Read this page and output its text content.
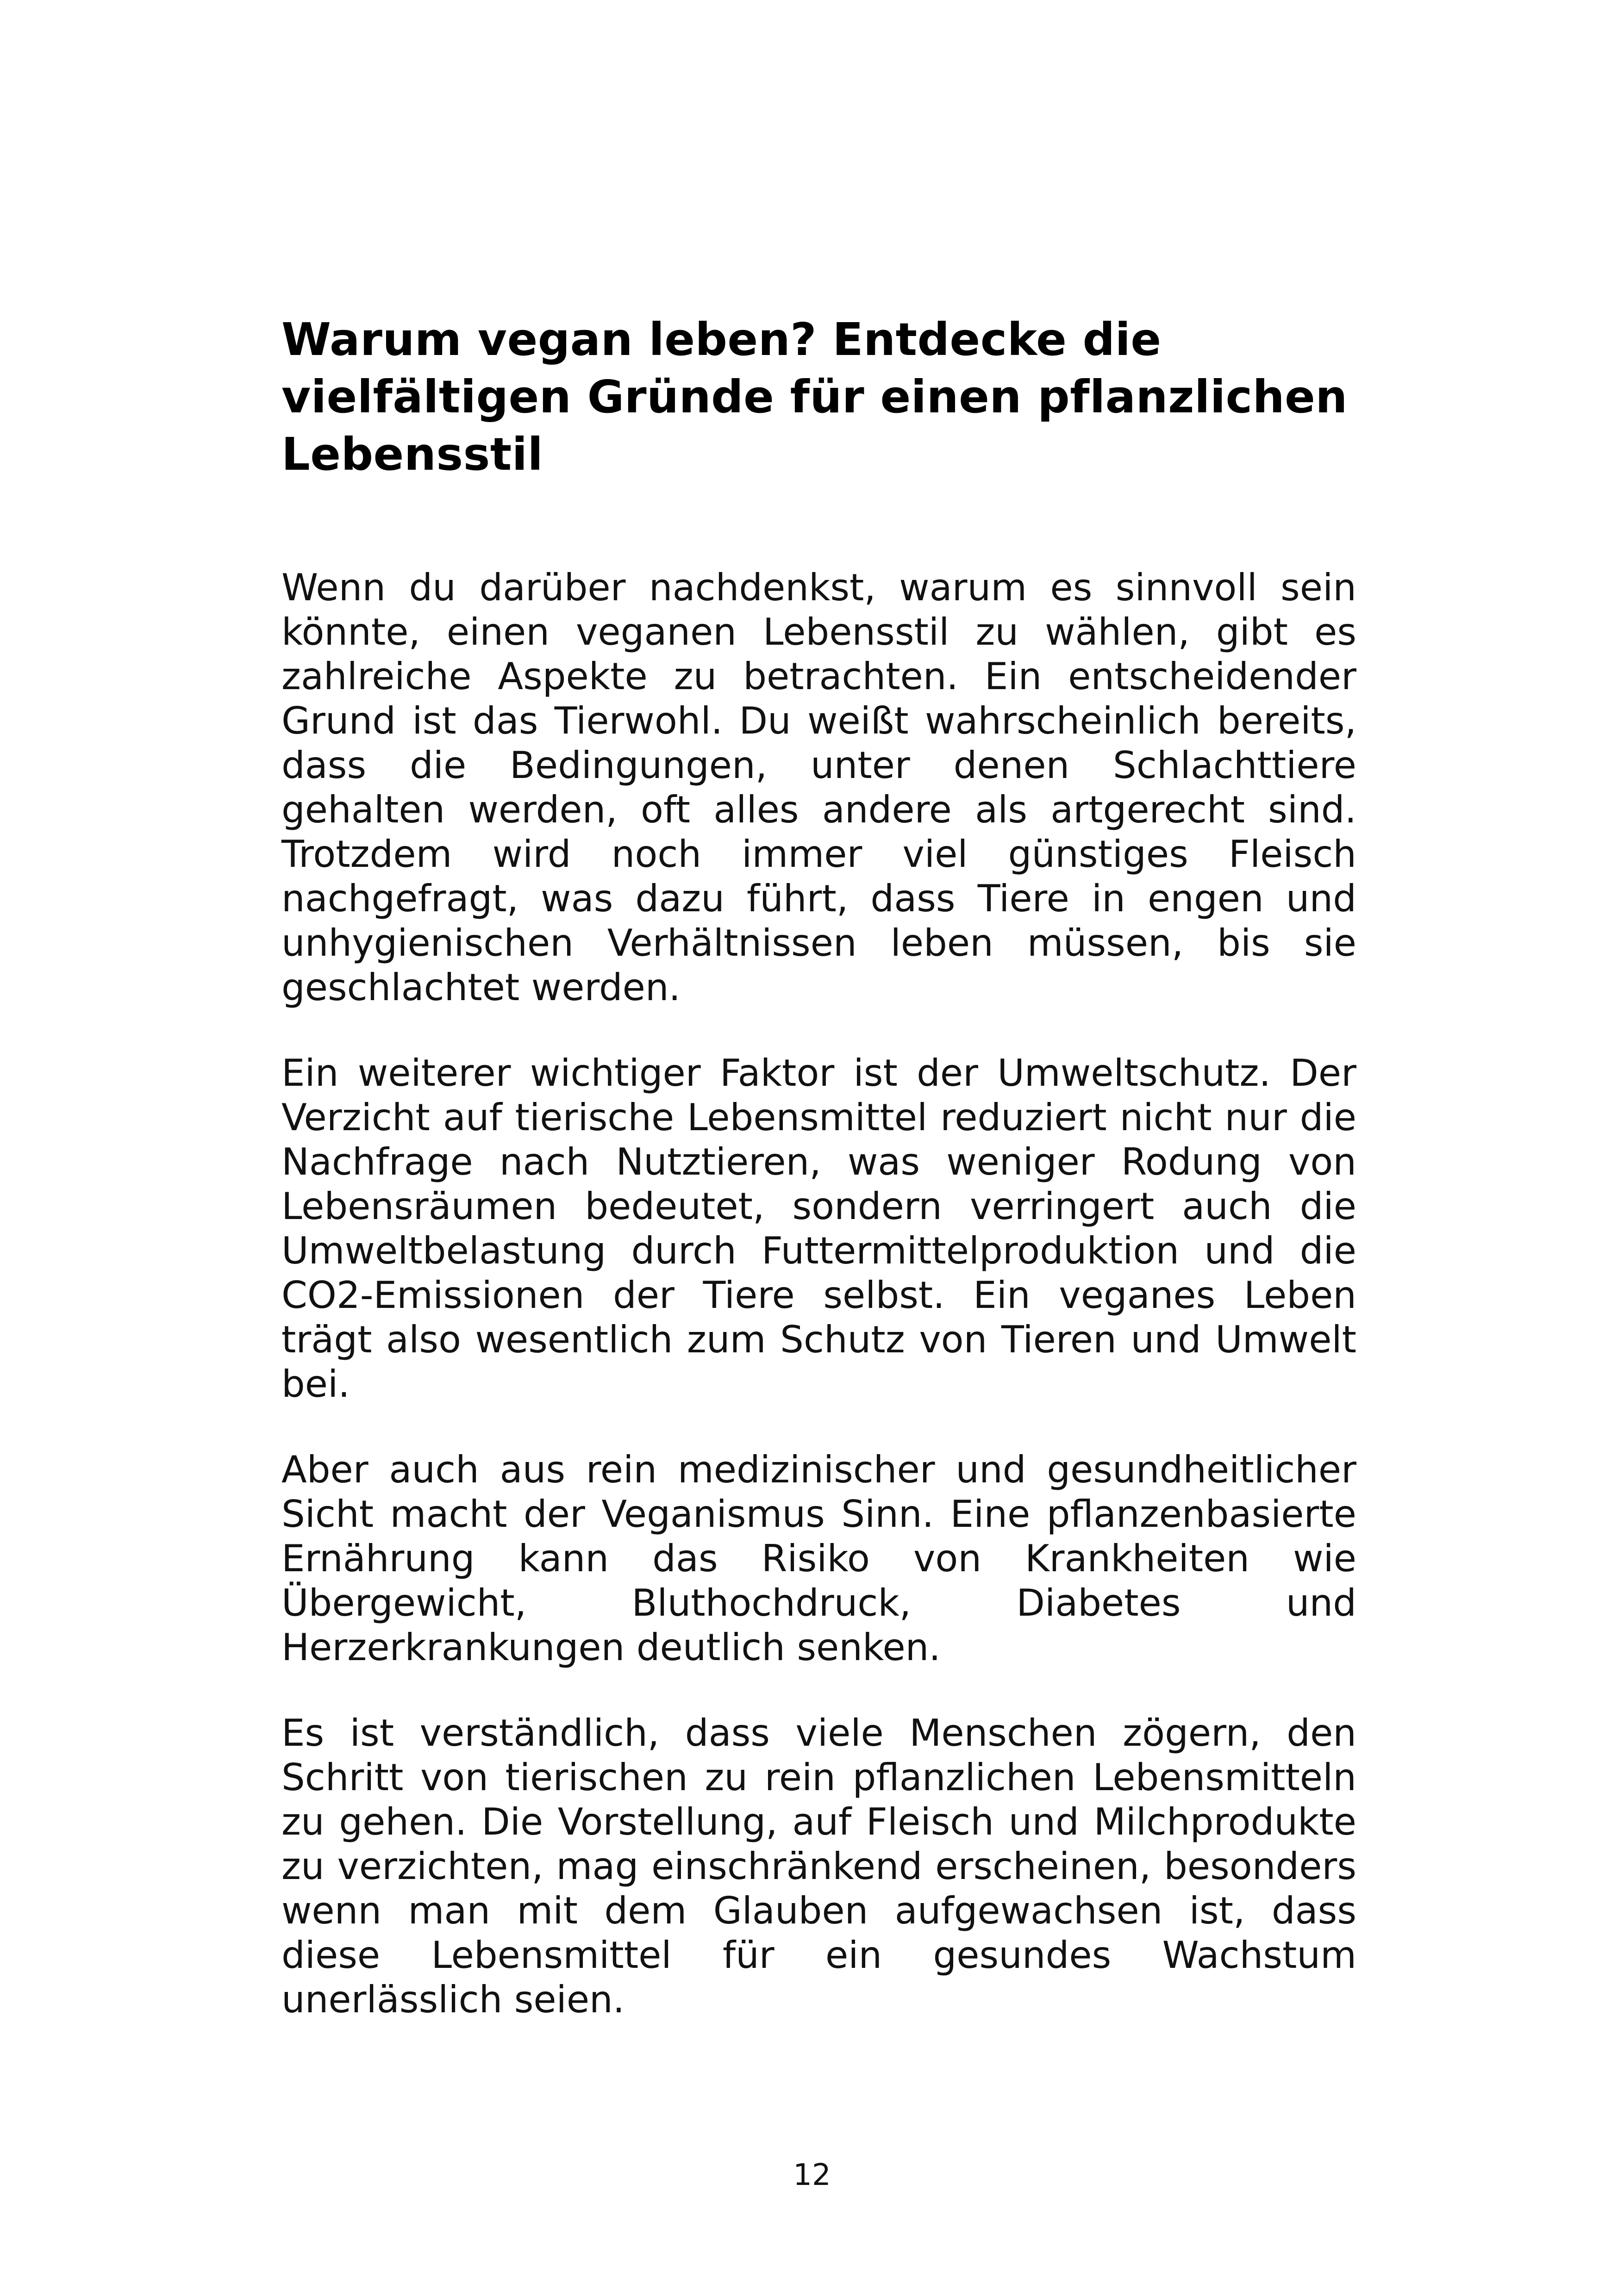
Warum vegan leben? Entdecke die vielfältigen Gründe für einen pflanzlichen Lebensstil

Wenn du darüber nachdenkst, warum es sinnvoll sein könnte, einen veganen Lebensstil zu wählen, gibt es zahlreiche Aspekte zu betrachten. Ein entscheidender Grund ist das Tierwohl. Du weißt wahrscheinlich bereits, dass die Bedingungen, unter denen Schlachttiere gehalten werden, oft alles andere als artgerecht sind. Trotzdem wird noch immer viel günstiges Fleisch nachgefragt, was dazu führt, dass Tiere in engen und unhygienischen Verhältnissen leben müssen, bis sie geschlachtet werden.

Ein weiterer wichtiger Faktor ist der Umweltschutz. Der Verzicht auf tierische Lebensmittel reduziert nicht nur die Nachfrage nach Nutztieren, was weniger Rodung von Lebensräumen bedeutet, sondern verringert auch die Umweltbelastung durch Futtermittelproduktion und die CO2-Emissionen der Tiere selbst. Ein veganes Leben trägt also wesentlich zum Schutz von Tieren und Umwelt bei.

Aber auch aus rein medizinischer und gesundheitlicher Sicht macht der Veganismus Sinn. Eine pflanzenbasierte Ernährung kann das Risiko von Krankheiten wie Übergewicht, Bluthochdruck, Diabetes und Herzerkrankungen deutlich senken.

Es ist verständlich, dass viele Menschen zögern, den Schritt von tierischen zu rein pflanzlichen Lebensmitteln zu gehen. Die Vorstellung, auf Fleisch und Milchprodukte zu verzichten, mag einschränkend erscheinen, besonders wenn man mit dem Glauben aufgewachsen ist, dass diese Lebensmittel für ein gesundes Wachstum unerlässlich seien.

12
